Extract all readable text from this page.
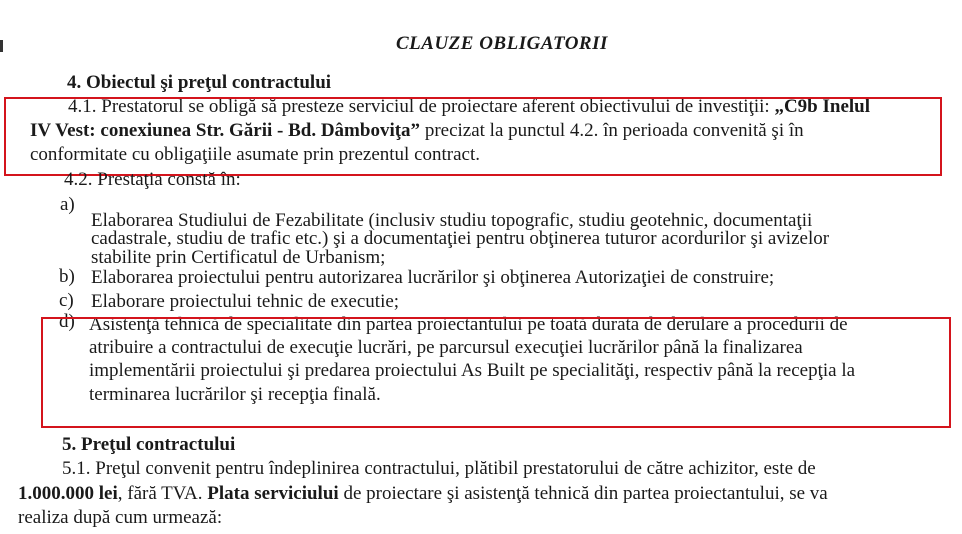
CLAUZE OBLIGATORII
4. Obiectul şi preţul contractului
4.1. Prestatorul se obligă să presteze serviciul de proiectare aferent obiectivului de investiţii: „C9b Inelul
IV Vest: conexiunea Str. Gării - Bd. Dâmboviţa” precizat la punctul 4.2. în perioada convenită şi în
conformitate cu obligaţiile asumate prin prezentul contract.
4.2. Prestaţia constă în:
a)
Elaborarea Studiului de Fezabilitate (inclusiv studiu topografic, studiu geotehnic, documentaţii
cadastrale, studiu de trafic etc.) şi a documentaţiei pentru obţinerea tuturor acordurilor şi avizelor
stabilite prin Certificatul de Urbanism;
b) Elaborarea proiectului pentru autorizarea lucrărilor şi obţinerea Autorizaţiei de construire;
c) Elaborare proiectului tehnic de executie;
d) Asistenţă tehnică de specialitate din partea proiectantului pe toată durata de derulare a procedurii de
atribuire a contractului de execuţie lucrări, pe parcursul execuţiei lucrărilor până la finalizarea
implementării proiectului şi predarea proiectului As Built pe specialităţi, respectiv până la recepţia la
terminarea lucrărilor şi recepţia finală.
5. Preţul contractului
5.1. Preţul convenit pentru îndeplinirea contractului, plătibil prestatorului de către achizitor, este de
1.000.000 lei, fără TVA. Plata serviciului de proiectare şi asistenţă tehnică din partea proiectantului, se va
realiza după cum urmează:
